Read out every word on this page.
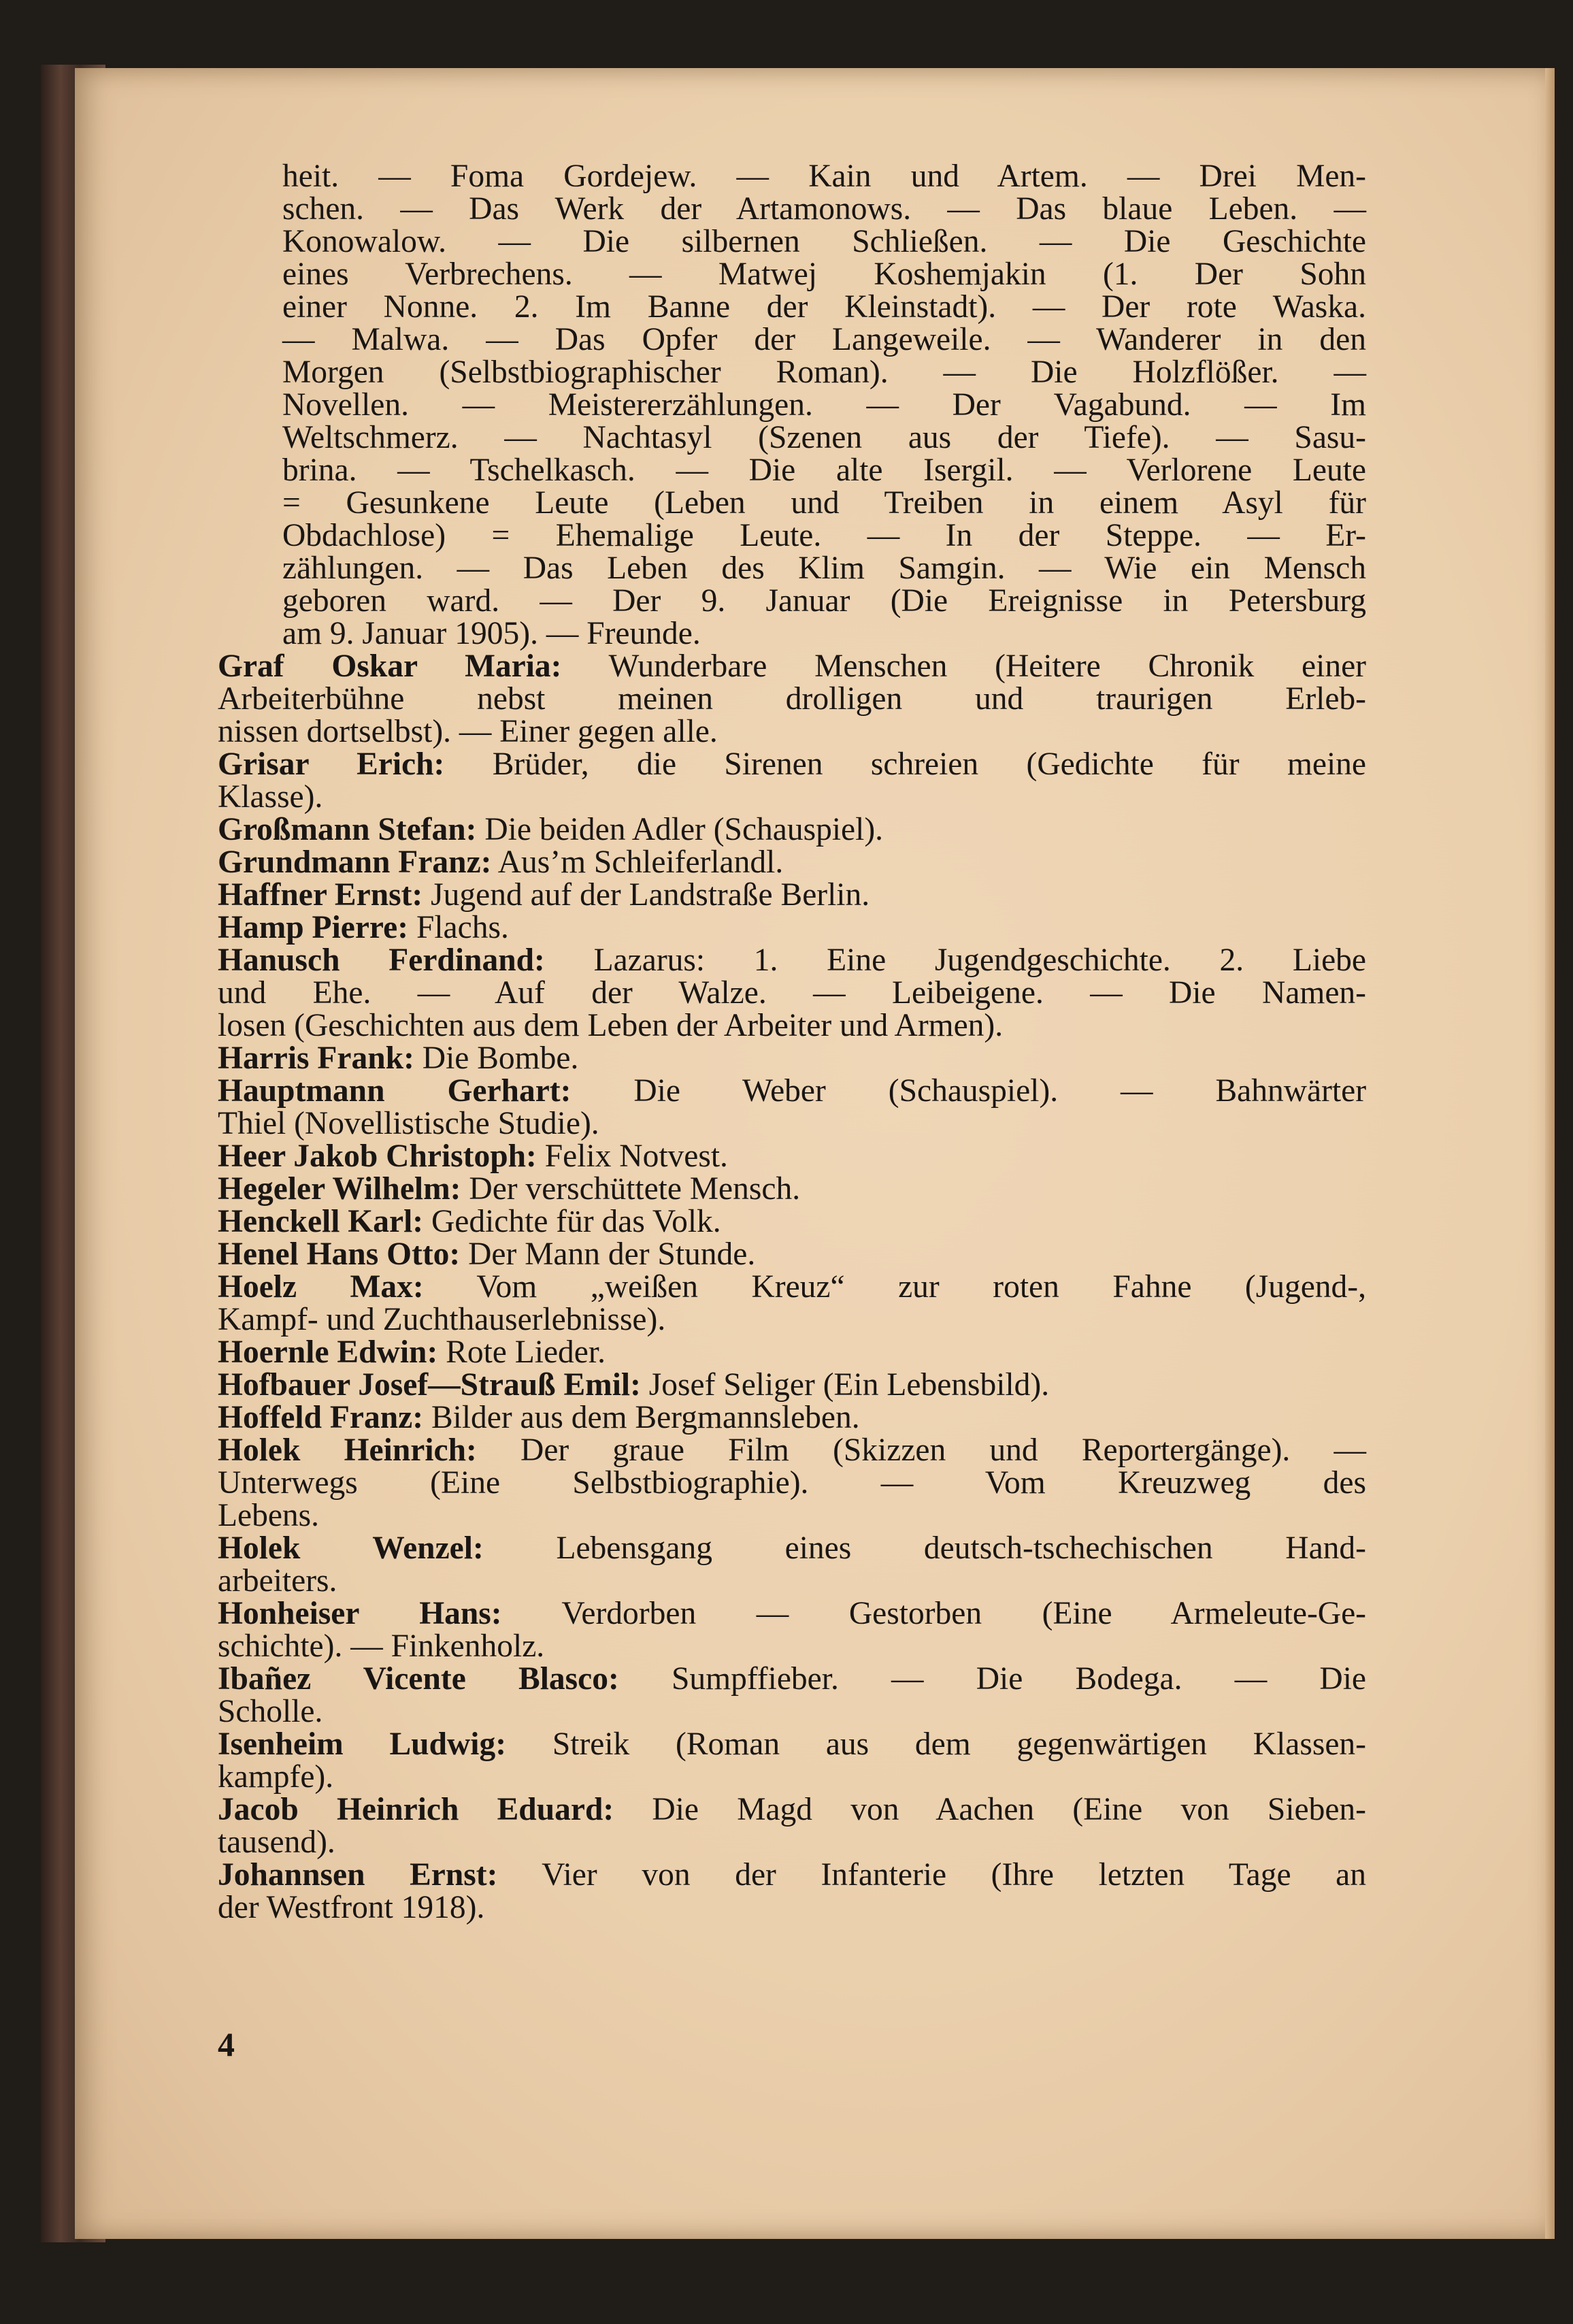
heit. — Foma Gordejew. — Kain und Artem. — Drei Men-
schen. — Das Werk der Artamonows. — Das blaue Leben. —
Konowalow. — Die silbernen Schließen. — Die Geschichte
eines Verbrechens. — Matwej Koshemjakin (1. Der Sohn
einer Nonne. 2. Im Banne der Kleinstadt). — Der rote Waska.
— Malwa. — Das Opfer der Langeweile. — Wanderer in den
Morgen (Selbstbiographischer Roman). — Die Holzflößer. —
Novellen. — Meistererzählungen. — Der Vagabund. — Im
Weltschmerz. — Nachtasyl (Szenen aus der Tiefe). — Sasu-
brina. — Tschelkasch. — Die alte Isergil. — Verlorene Leute
= Gesunkene Leute (Leben und Treiben in einem Asyl für
Obdachlose) = Ehemalige Leute. — In der Steppe. — Er-
zählungen. — Das Leben des Klim Samgin. — Wie ein Mensch
geboren ward. — Der 9. Januar (Die Ereignisse in Petersburg
am 9. Januar 1905). — Freunde.
Graf Oskar Maria: Wunderbare Menschen (Heitere Chronik einer
Arbeiterbühne nebst meinen drolligen und traurigen Erleb-
nissen dortselbst). — Einer gegen alle.
Grisar Erich: Brüder, die Sirenen schreien (Gedichte für meine
Klasse).
Großmann Stefan: Die beiden Adler (Schauspiel).
Grundmann Franz: Aus’m Schleiferlandl.
Haffner Ernst: Jugend auf der Landstraße Berlin.
Hamp Pierre: Flachs.
Hanusch Ferdinand: Lazarus: 1. Eine Jugendgeschichte. 2. Liebe
und Ehe. — Auf der Walze. — Leibeigene. — Die Namen-
losen (Geschichten aus dem Leben der Arbeiter und Armen).
Harris Frank: Die Bombe.
Hauptmann Gerhart: Die Weber (Schauspiel). — Bahnwärter
Thiel (Novellistische Studie).
Heer Jakob Christoph: Felix Notvest.
Hegeler Wilhelm: Der verschüttete Mensch.
Henckell Karl: Gedichte für das Volk.
Henel Hans Otto: Der Mann der Stunde.
Hoelz Max: Vom „weißen Kreuz“ zur roten Fahne (Jugend-,
Kampf- und Zuchthauserlebnisse).
Hoernle Edwin: Rote Lieder.
Hofbauer Josef—Strauß Emil: Josef Seliger (Ein Lebensbild).
Hoffeld Franz: Bilder aus dem Bergmannsleben.
Holek Heinrich: Der graue Film (Skizzen und Reportergänge). —
Unterwegs (Eine Selbstbiographie). — Vom Kreuzweg des
Lebens.
Holek Wenzel: Lebensgang eines deutsch-tschechischen Hand-
arbeiters.
Honheiser Hans: Verdorben — Gestorben (Eine Armeleute-Ge-
schichte). — Finkenholz.
Ibañez Vicente Blasco: Sumpffieber. — Die Bodega. — Die
Scholle.
Isenheim Ludwig: Streik (Roman aus dem gegenwärtigen Klassen-
kampfe).
Jacob Heinrich Eduard: Die Magd von Aachen (Eine von Sieben-
tausend).
Johannsen Ernst: Vier von der Infanterie (Ihre letzten Tage an
der Westfront 1918).
4
